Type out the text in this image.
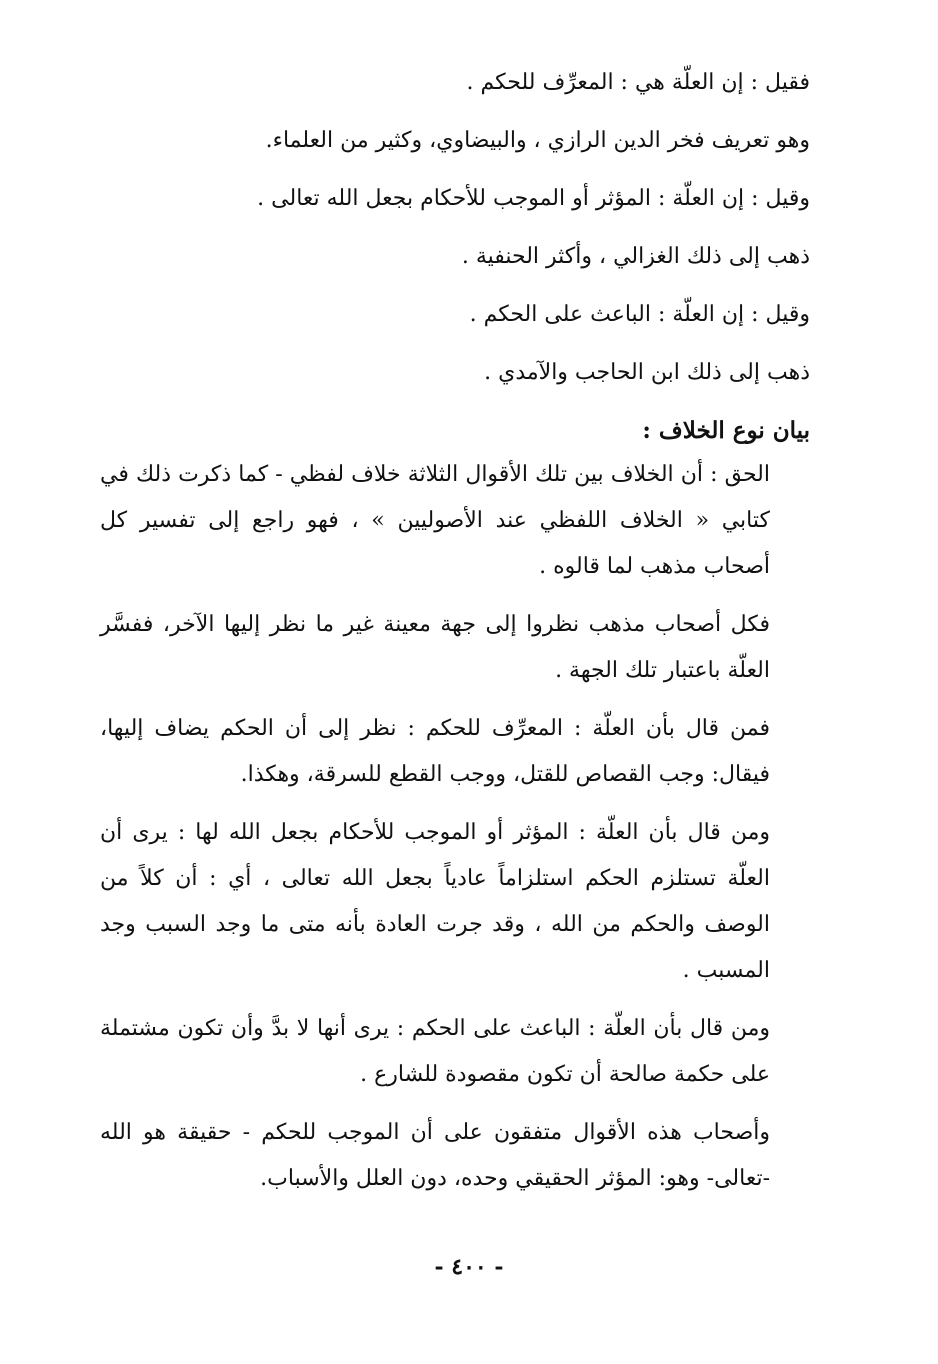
فقيل : إن العلّة هي : المعرِّف للحكم .
وهو تعريف فخر الدين الرازي ، والبيضاوي، وكثير من العلماء.
وقيل : إن العلّة : المؤثر أو الموجب للأحكام بجعل الله تعالى .
ذهب إلى ذلك الغزالي ، وأكثر الحنفية .
وقيل : إن العلّة : الباعث على الحكم .
ذهب إلى ذلك ابن الحاجب والآمدي .
بيان نوع الخلاف :

الحق : أن الخلاف بين تلك الأقوال الثلاثة خلاف لفظي - كما ذكرت ذلك في كتابي « الخلاف اللفظي عند الأصوليين » ، فهو راجع إلى تفسير كل أصحاب مذهب لما قالوه .

فكل أصحاب مذهب نظروا إلى جهة معينة غير ما نظر إليها الآخر، ففسَّر العلّة باعتبار تلك الجهة .

فمن قال بأن العلّة : المعرِّف للحكم : نظر إلى أن الحكم يضاف إليها، فيقال: وجب القصاص للقتل، ووجب القطع للسرقة، وهكذا.

ومن قال بأن العلّة : المؤثر أو الموجب للأحكام بجعل الله لها : يرى أن العلّة تستلزم الحكم استلزاماً عادياً بجعل الله تعالى ، أي : أن كلاً من الوصف والحكم من الله ، وقد جرت العادة بأنه متى ما وجد السبب وجد المسبب .

ومن قال بأن العلّة : الباعث على الحكم : يرى أنها لا بدَّ وأن تكون مشتملة على حكمة صالحة أن تكون مقصودة للشارع .

وأصحاب هذه الأقوال متفقون على أن الموجب للحكم - حقيقة هو الله -تعالى- وهو: المؤثر الحقيقي وحده، دون العلل والأسباب.

- ٤٠٠ -
